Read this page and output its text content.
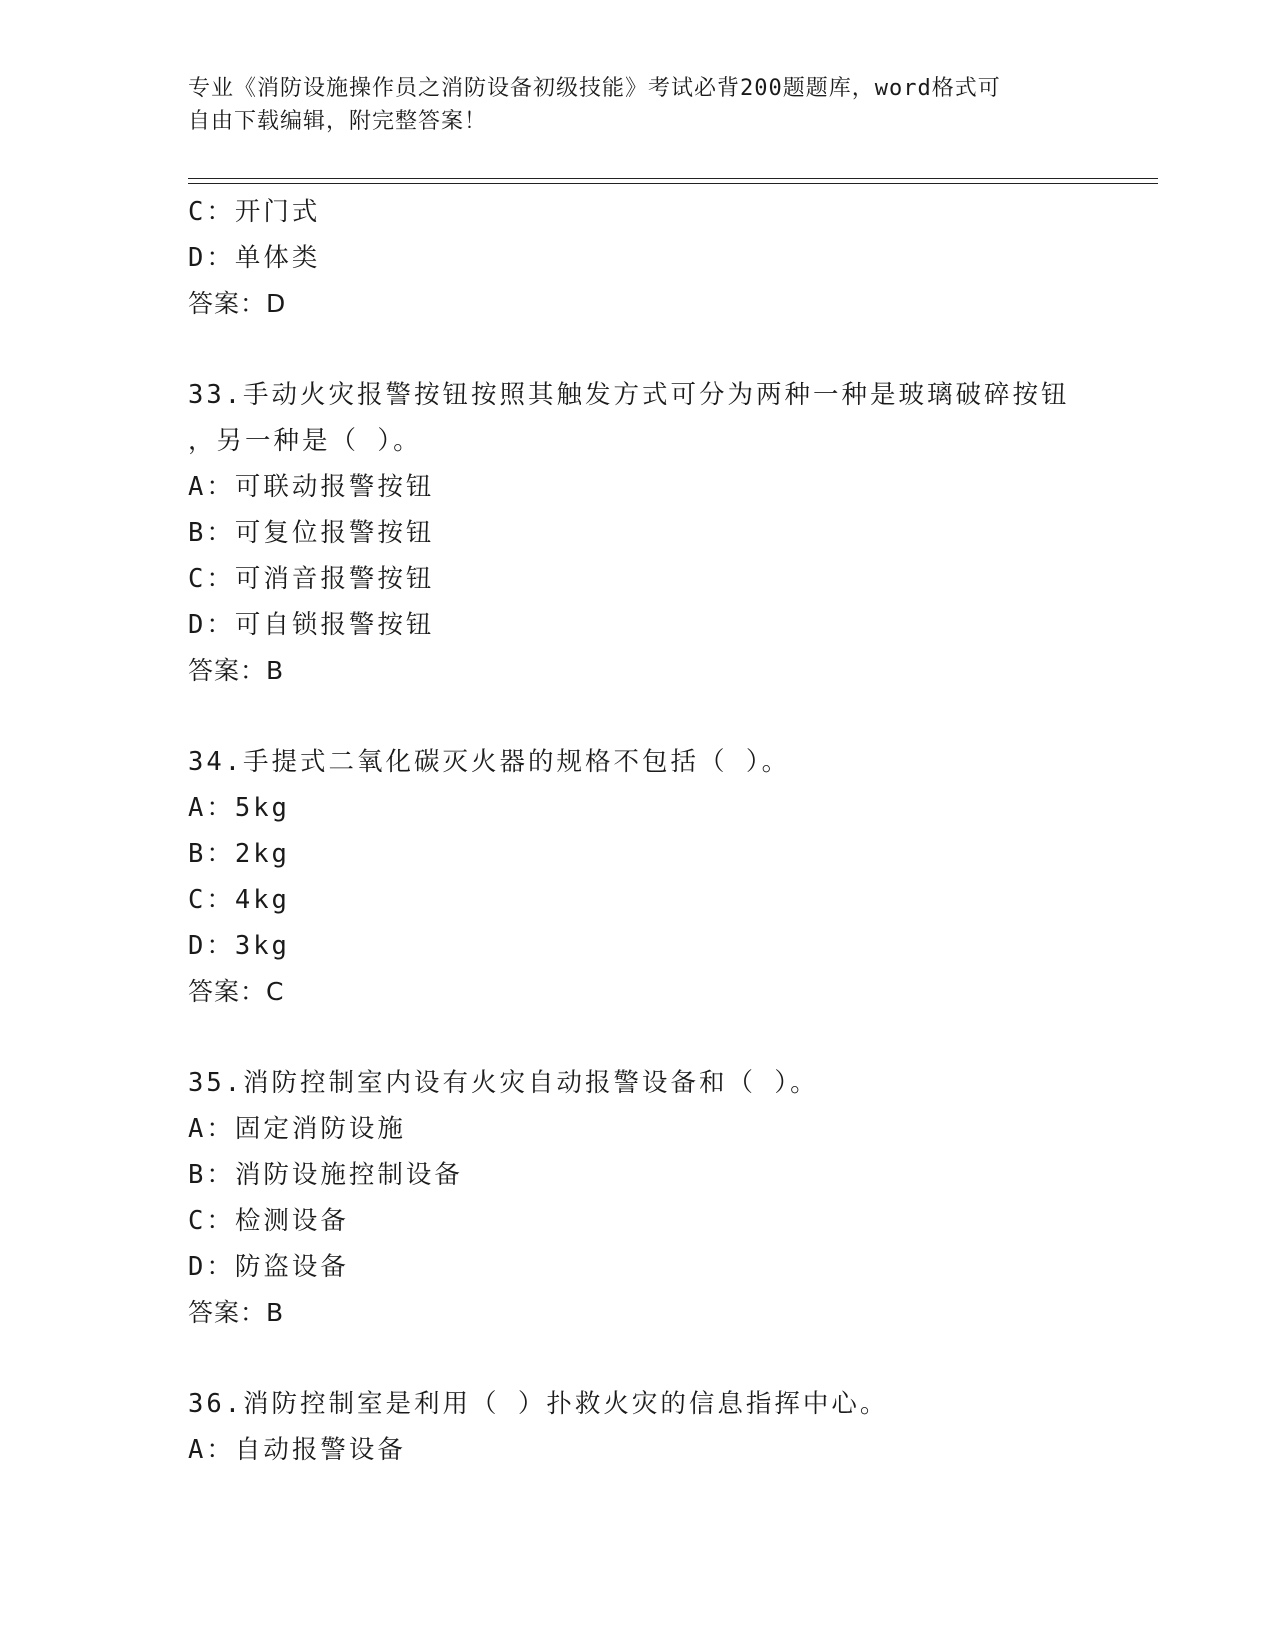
专业《消防设施操作员之消防设备初级技能》考试必背200题题库，word格式可
自由下载编辑，附完整答案！
C：开门式
D：单体类
答案：D
33.手动火灾报警按钮按照其触发方式可分为两种一种是玻璃破碎按钮
，另一种是（ ）。
A：可联动报警按钮
B：可复位报警按钮
C：可消音报警按钮
D：可自锁报警按钮
答案：B
34.手提式二氧化碳灭火器的规格不包括（ ）。
A：5kg
B：2kg
C：4kg
D：3kg
答案：C
35.消防控制室内设有火灾自动报警设备和（ ）。
A：固定消防设施
B：消防设施控制设备
C：检测设备
D：防盗设备
答案：B
36.消防控制室是利用（ ）扑救火灾的信息指挥中心。
A：自动报警设备
